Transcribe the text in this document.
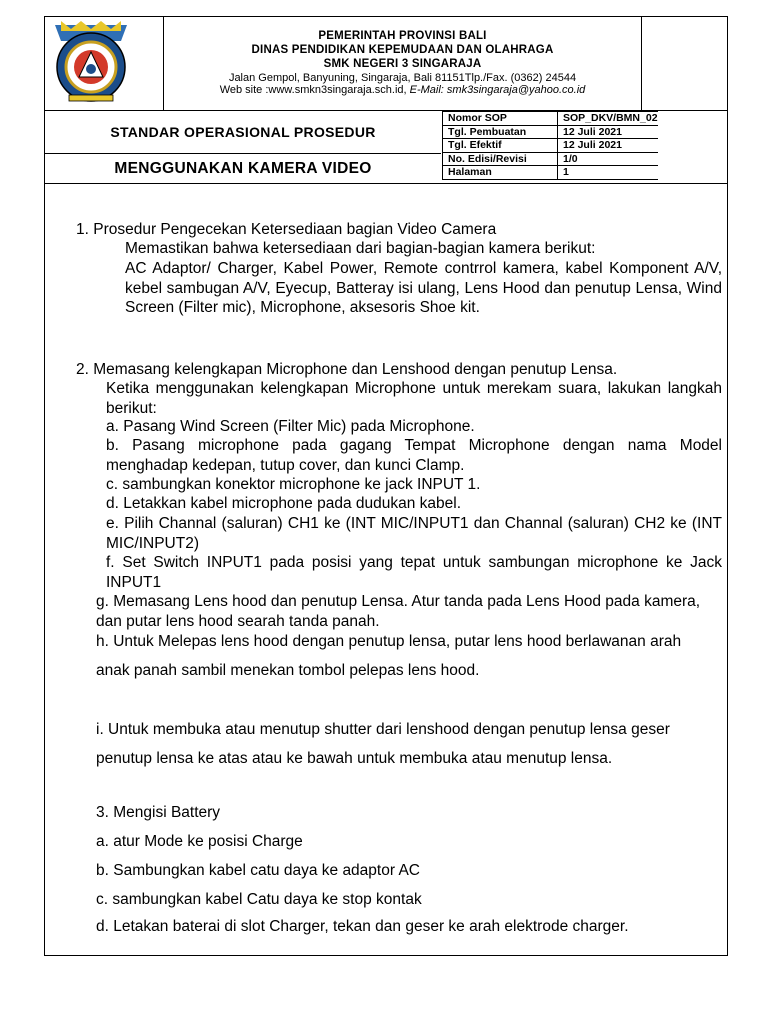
PEMERINTAH PROVINSI BALI
DINAS PENDIDIKAN KEPEMUDAAN DAN OLAHRAGA
SMK NEGERI 3 SINGARAJA
Jalan Gempol, Banyuning, Singaraja, Bali 81151Tlp./Fax. (0362) 24544
Web site :www.smkn3singaraja.sch.id, E-Mail: smk3singaraja@yahoo.co.id
STANDAR OPERASIONAL PROSEDUR
MENGGUNAKAN KAMERA VIDEO
Nomor SOP	SOP_DKV/BMN_02
Tgl. Pembuatan	12 Juli 2021
Tgl. Efektif	12 Juli 2021
No. Edisi/Revisi	1/0
Halaman	1
1. Prosedur Pengecekan Ketersediaan bagian Video Camera
Memastikan bahwa ketersediaan dari bagian-bagian kamera berikut:
AC Adaptor/ Charger, Kabel Power, Remote contrrol kamera, kabel Komponent A/V, kebel sambugan A/V, Eyecup, Batteray isi ulang, Lens Hood dan penutup Lensa, Wind Screen (Filter mic), Microphone, aksesoris Shoe kit.
2. Memasang kelengkapan Microphone dan Lenshood dengan penutup Lensa.
Ketika menggunakan kelengkapan Microphone untuk merekam suara, lakukan langkah berikut:
a. Pasang Wind Screen (Filter Mic) pada Microphone.
b. Pasang microphone pada gagang Tempat Microphone dengan nama Model menghadap kedepan, tutup cover, dan kunci Clamp.
c. sambungkan konektor microphone ke jack INPUT 1.
d. Letakkan kabel microphone pada dudukan kabel.
e. Pilih Channal (saluran) CH1 ke (INT MIC/INPUT1 dan Channal (saluran) CH2 ke (INT MIC/INPUT2)
f. Set Switch INPUT1 pada posisi yang tepat untuk sambungan microphone ke Jack INPUT1
g. Memasang Lens hood dan penutup Lensa. Atur tanda pada Lens Hood pada kamera, dan putar lens hood searah tanda panah.
h. Untuk Melepas lens hood dengan penutup lensa, putar lens hood berlawanan arah anak panah sambil menekan tombol pelepas lens hood.
i. Untuk membuka atau menutup shutter dari lenshood dengan penutup lensa geser penutup lensa ke atas atau ke bawah untuk membuka atau menutup lensa.
3. Mengisi Battery
a. atur Mode ke posisi Charge
b. Sambungkan kabel catu daya ke adaptor AC
c. sambungkan kabel Catu daya ke stop kontak
d. Letakan baterai di slot Charger, tekan dan geser ke arah elektrode charger.
